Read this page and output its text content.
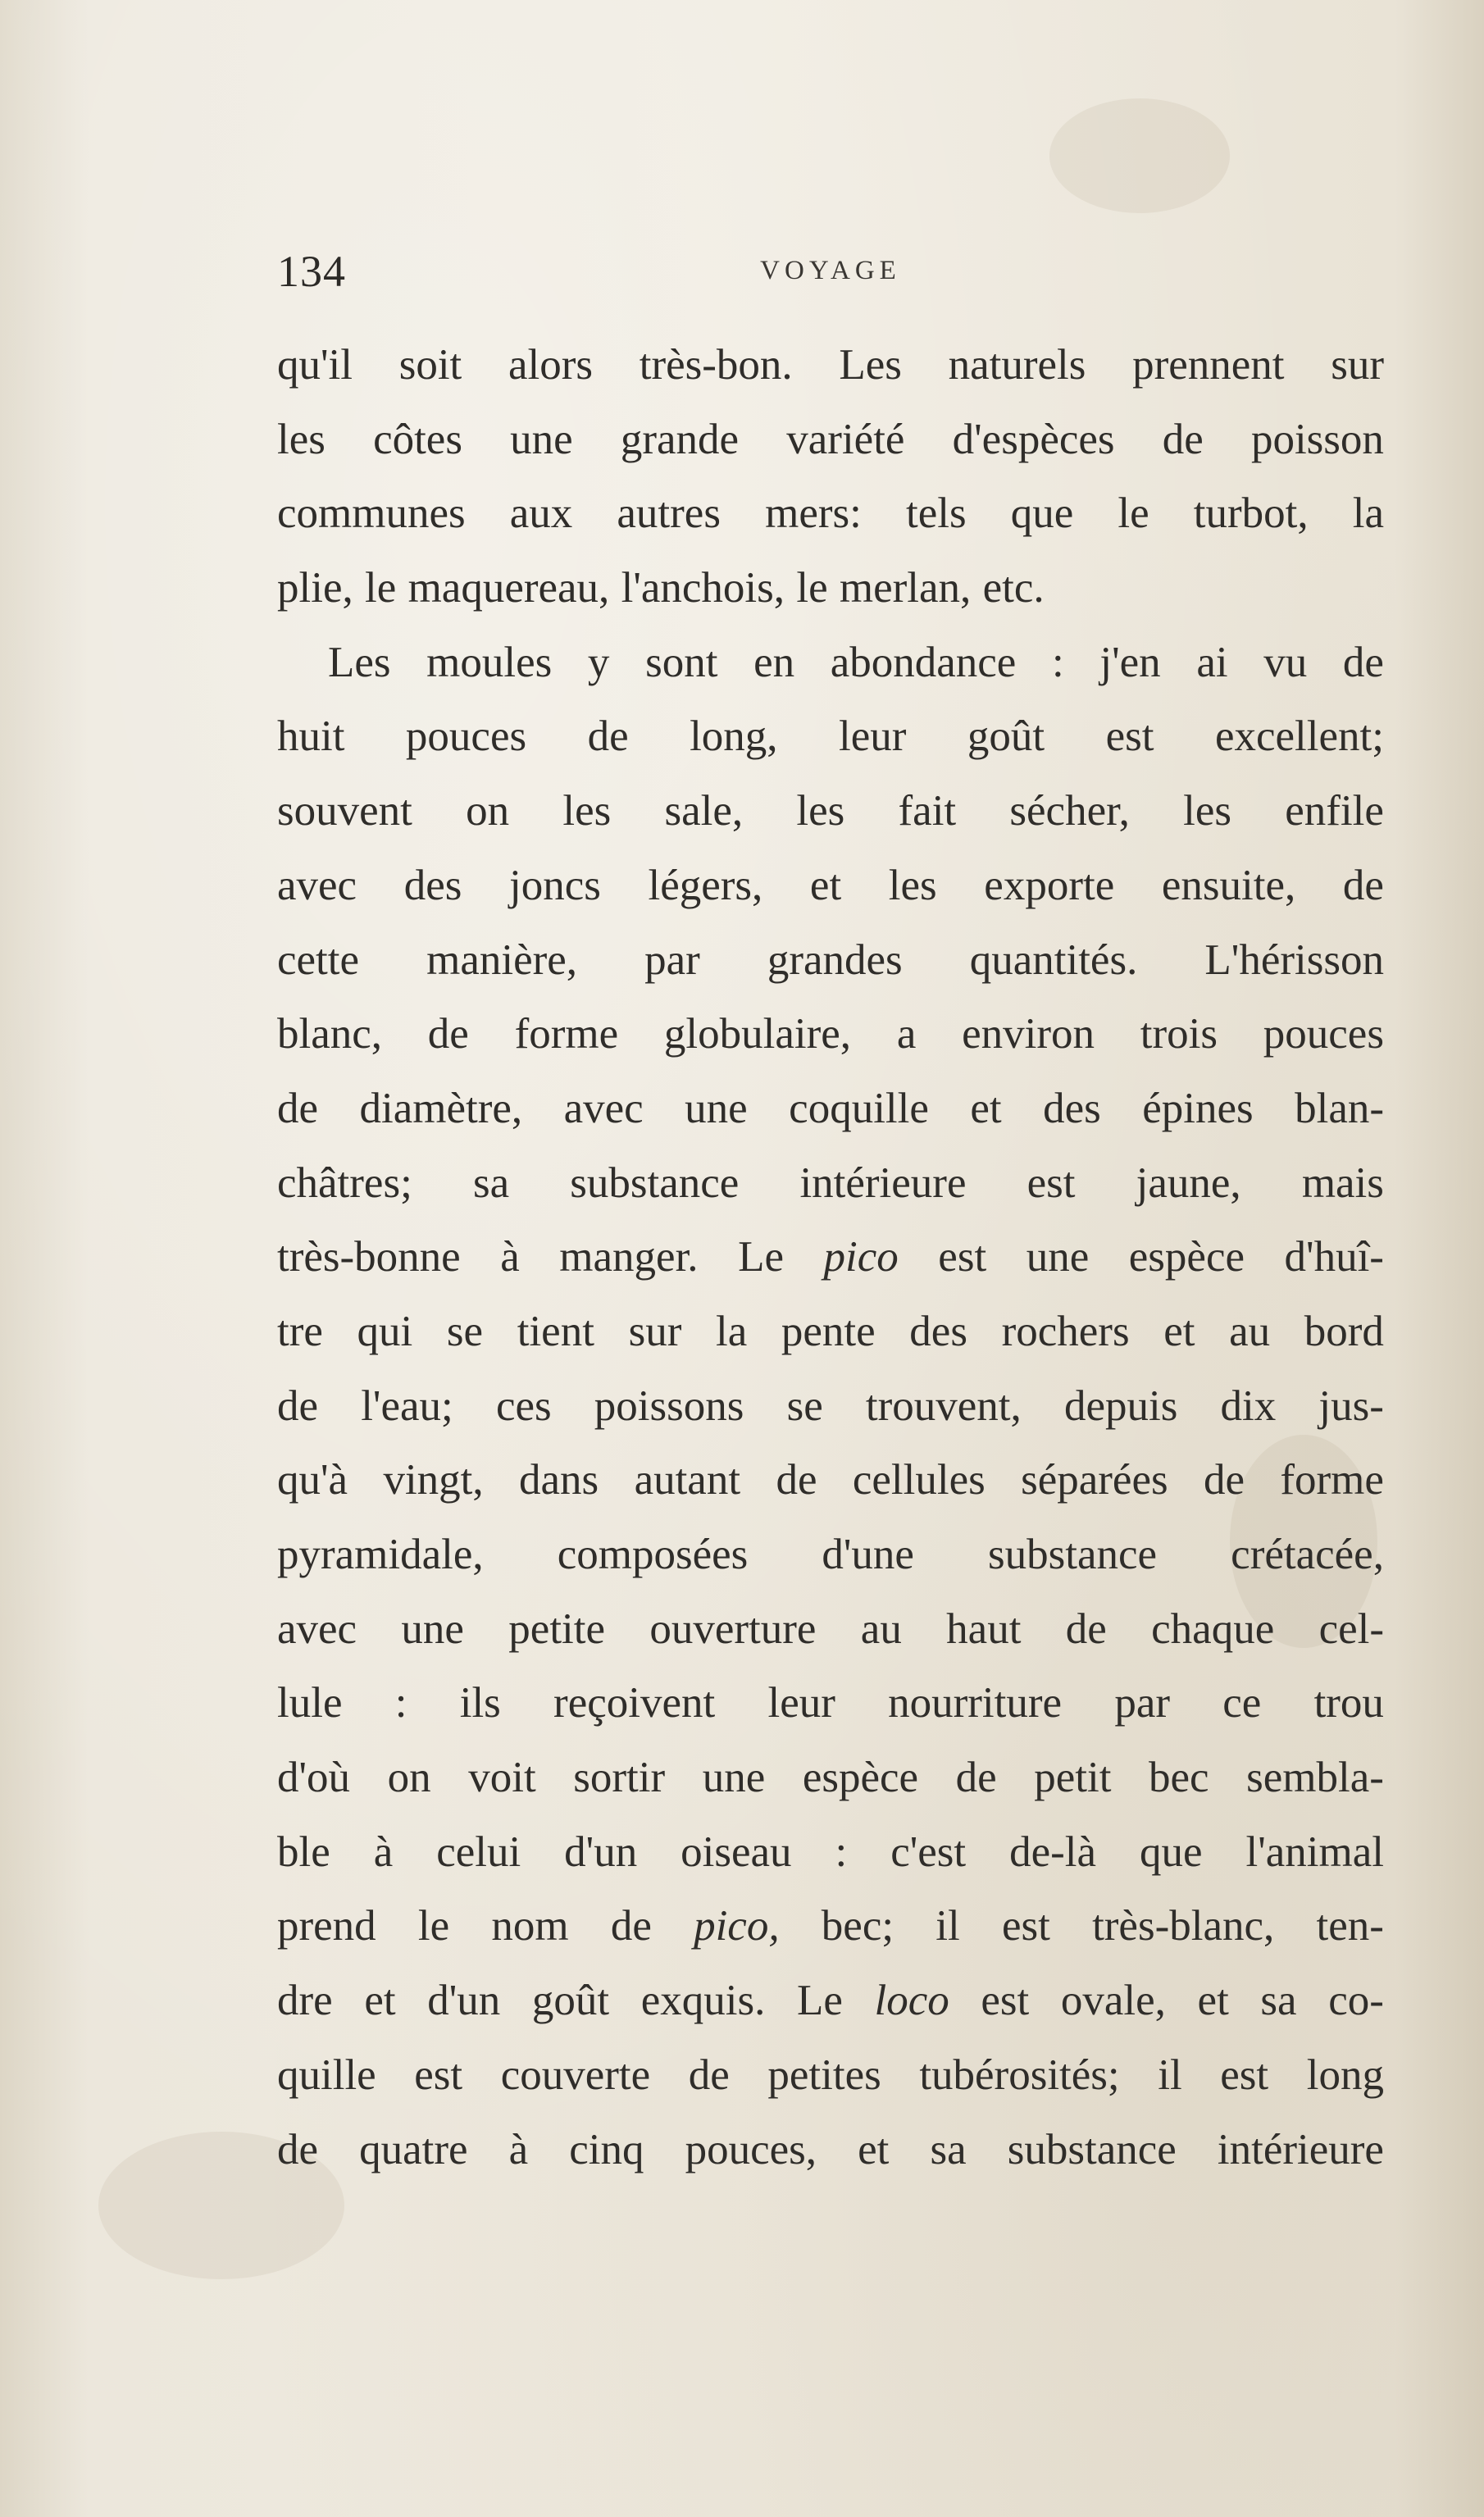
134	VOYAGE
qu'il soit alors très-bon. Les naturels prennent sur
les côtes une grande variété d'espèces de poisson
communes aux autres mers: tels que le turbot, la
plie, le maquereau, l'anchois, le merlan, etc.
Les moules y sont en abondance : j'en ai vu de
huit pouces de long, leur goût est excellent;
souvent on les sale, les fait sécher, les enfile
avec des joncs légers, et les exporte ensuite, de
cette manière, par grandes quantités. L'hérisson
blanc, de forme globulaire, a environ trois pouces
de diamètre, avec une coquille et des épines blan-
châtres; sa substance intérieure est jaune, mais
très-bonne à manger. Le pico est une espèce d'huî-
tre qui se tient sur la pente des rochers et au bord
de l'eau; ces poissons se trouvent, depuis dix jus-
qu'à vingt, dans autant de cellules séparées de forme
pyramidale, composées d'une substance crétacée,
avec une petite ouverture au haut de chaque cel-
lule : ils reçoivent leur nourriture par ce trou
d'où on voit sortir une espèce de petit bec sembla-
ble à celui d'un oiseau : c'est de-là que l'animal
prend le nom de pico, bec; il est très-blanc, ten-
dre et d'un goût exquis. Le loco est ovale, et sa co-
quille est couverte de petites tubérosités; il est long
de quatre à cinq pouces, et sa substance intérieure
